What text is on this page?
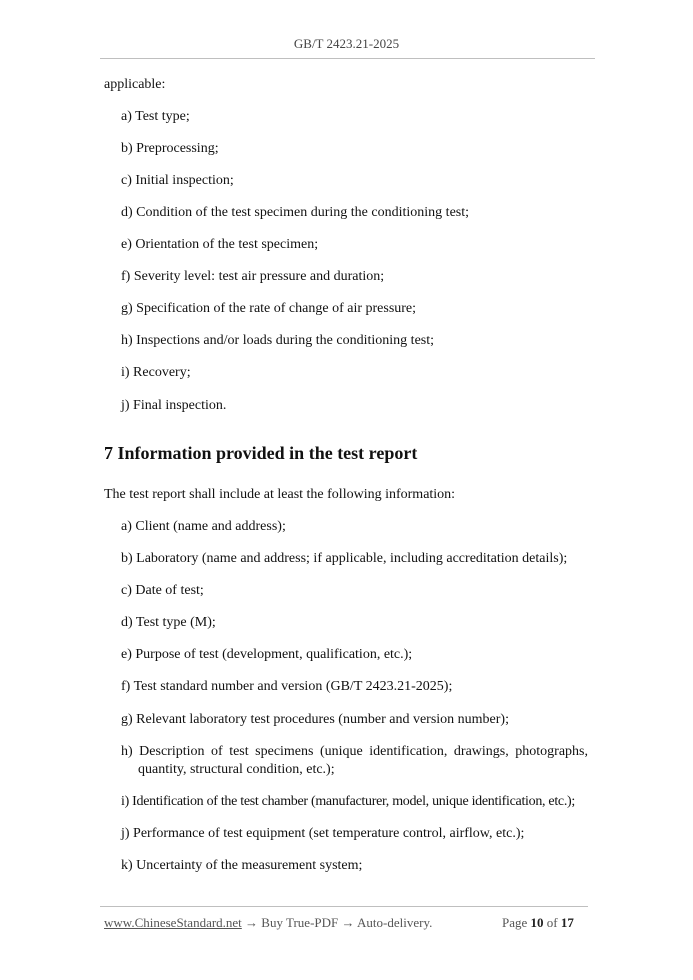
GB/T 2423.21-2025
applicable:
a) Test type;
b) Preprocessing;
c) Initial inspection;
d) Condition of the test specimen during the conditioning test;
e) Orientation of the test specimen;
f) Severity level: test air pressure and duration;
g) Specification of the rate of change of air pressure;
h) Inspections and/or loads during the conditioning test;
i) Recovery;
j) Final inspection.
7 Information provided in the test report
The test report shall include at least the following information:
a) Client (name and address);
b) Laboratory (name and address; if applicable, including accreditation details);
c) Date of test;
d) Test type (M);
e) Purpose of test (development, qualification, etc.);
f) Test standard number and version (GB/T 2423.21-2025);
g) Relevant laboratory test procedures (number and version number);
h) Description of test specimens (unique identification, drawings, photographs,
quantity, structural condition, etc.);
i) Identification of the test chamber (manufacturer, model, unique identification, etc.);
j) Performance of test equipment (set temperature control, airflow, etc.);
k) Uncertainty of the measurement system;
www.ChineseStandard.net → Buy True-PDF → Auto-delivery.	Page 10 of 17
